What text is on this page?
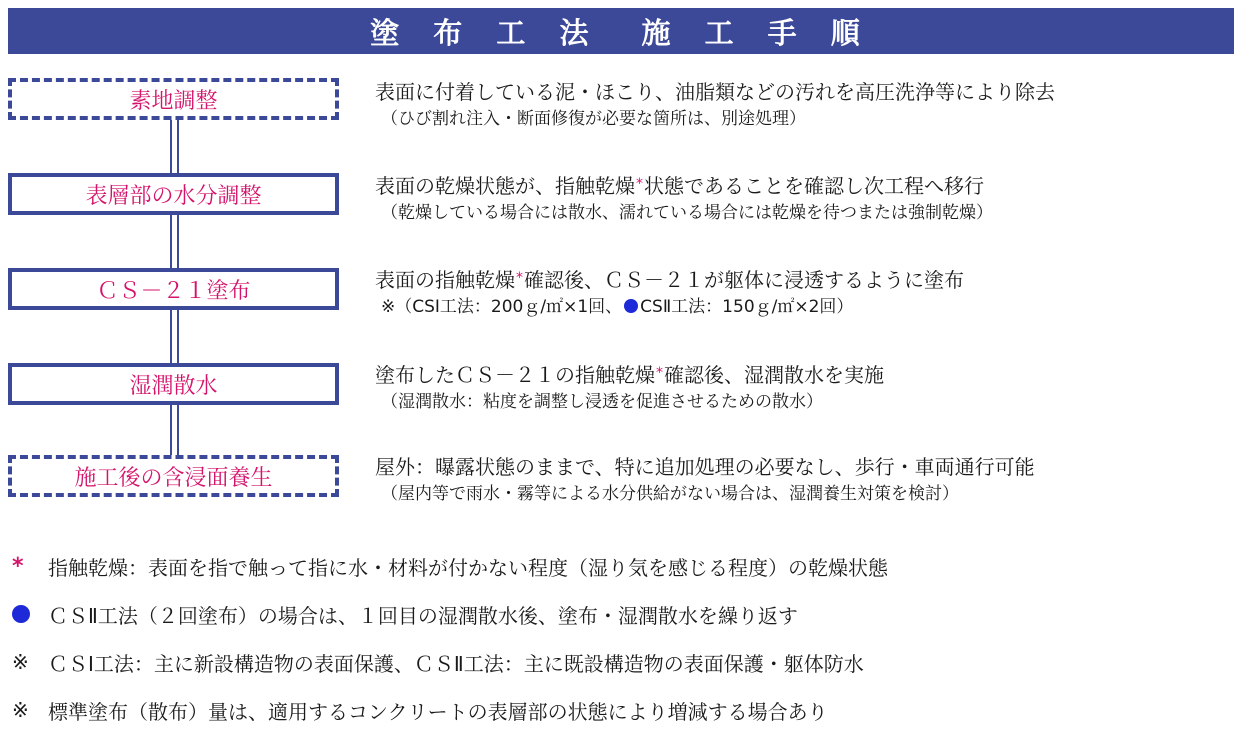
塗 布 工 法　施 工 手 順
素地調整
表層部の水分調整
ＣＳ－２１塗布
湿潤散水
施工後の含浸面養生
表面に付着している泥・ほこり、油脂類などの汚れを高圧洗浄等により除去
（ひび割れ注入・断面修復が必要な箇所は、別途処理）
表面の乾燥状態が、指触乾燥*状態であることを確認し次工程へ移行
（乾燥している場合には散水、濡れている場合には乾燥を待つまたは強制乾燥）
表面の指触乾燥*確認後、ＣＳ－２１が躯体に浸透するように塗布
※（CSⅠ工法：200ｇ/㎡×1回、 CSⅡ工法：150ｇ/㎡×2回）
塗布したＣＳ－２１の指触乾燥*確認後、湿潤散水を実施
（湿潤散水：粘度を調整し浸透を促進させるための散水）
屋外：曝露状態のままで、特に追加処理の必要なし、歩行・車両通行可能
（屋内等で雨水・霧等による水分供給がない場合は、湿潤養生対策を検討）
* 指触乾燥：表面を指で触って指に水・材料が付かない程度（湿り気を感じる程度）の乾燥状態
ＣＳⅡ工法（２回塗布）の場合は、１回目の湿潤散水後、塗布・湿潤散水を繰り返す
※ ＣＳⅠ工法：主に新設構造物の表面保護、ＣＳⅡ工法：主に既設構造物の表面保護・躯体防水
※ 標準塗布（散布）量は、適用するコンクリートの表層部の状態により増減する場合あり
